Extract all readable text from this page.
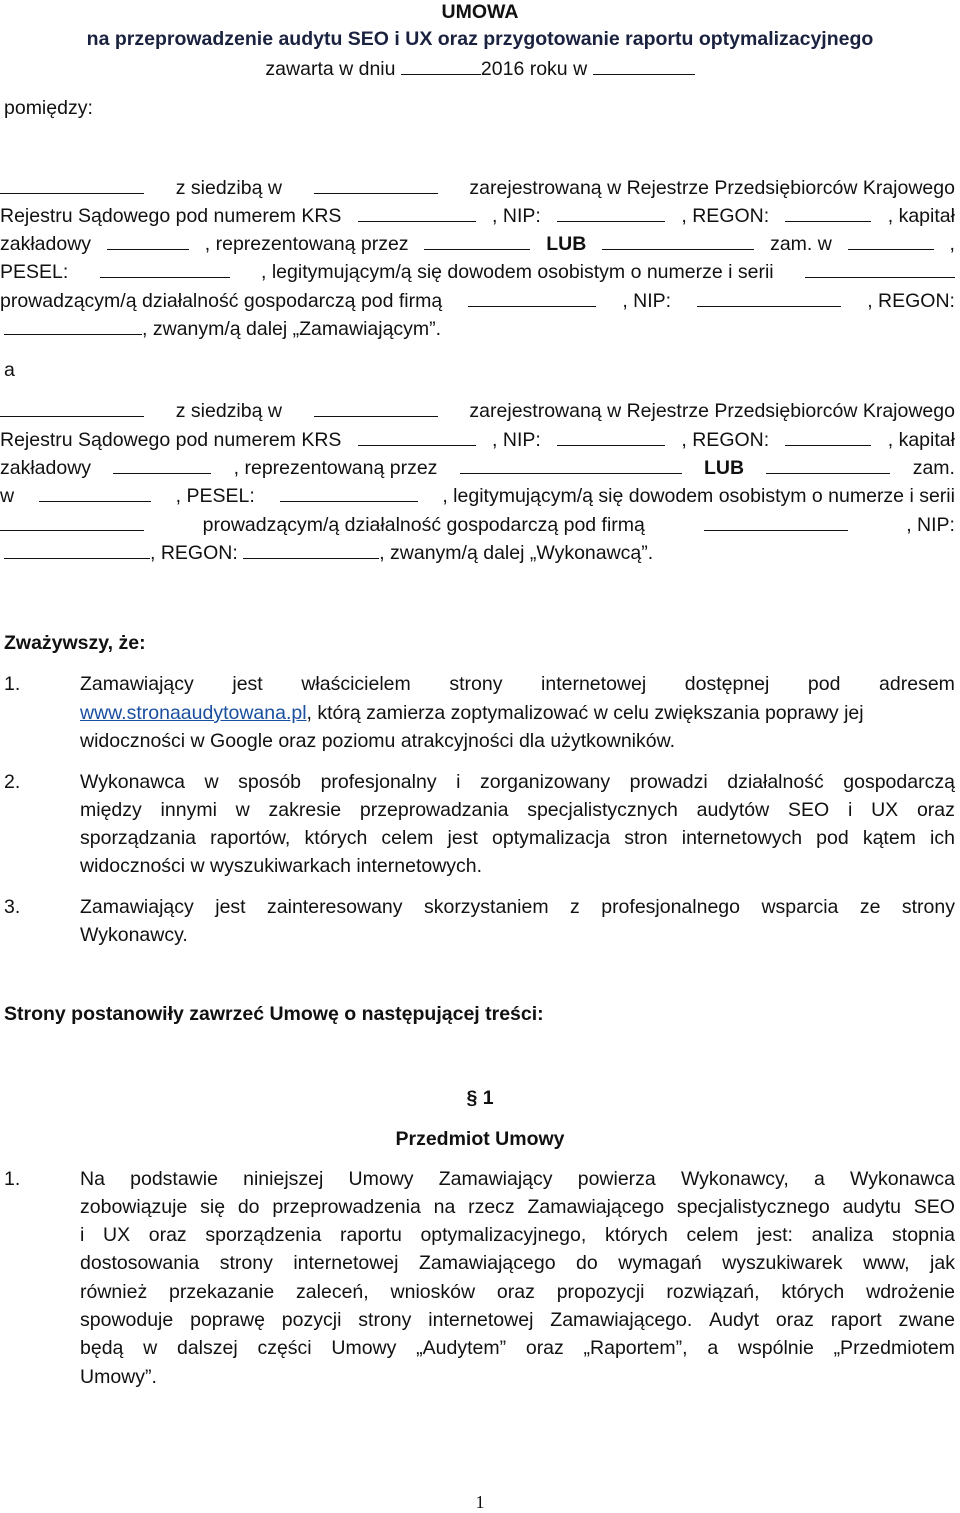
UMOWA
na przeprowadzenie audytu SEO i UX oraz przygotowanie raportu optymalizacyjnego
zawarta w dniu	2016 roku w
pomiędzy:
z siedzibą w	zarejestrowaną w Rejestrze Przedsiębiorców Krajowego
Rejestru Sądowego pod numerem KRS	, NIP:	, REGON:	, kapitał
zakładowy	, reprezentowaną przez	LUB	zam. w	,
PESEL:	, legitymującym/ą się dowodem osobistym o numerze i serii
prowadzącym/ą działalność gospodarczą pod firmą	, NIP:	, REGON:
, zwanym/ą dalej „Zamawiającym”.
a
z siedzibą w	zarejestrowaną w Rejestrze Przedsiębiorców Krajowego
Rejestru Sądowego pod numerem KRS	, NIP:	, REGON:	, kapitał
zakładowy	, reprezentowaną przez	LUB	zam.
w	, PESEL:	, legitymującym/ą się dowodem osobistym o numerze i serii
prowadzącym/ą działalność gospodarczą pod firmą	, NIP:
, REGON:	, zwanym/ą dalej „Wykonawcą”.
Zważywszy, że:
1.	Zamawiający jest właścicielem strony internetowej dostępnej pod adresem
www.stronaaudytowana.pl , którą zamierza zoptymalizować w celu zwiększania poprawy jej
widoczności w Google oraz poziomu atrakcyjności dla użytkowników.
2.	Wykonawca w sposób profesjonalny i zorganizowany prowadzi działalność gospodarczą
między innymi w zakresie przeprowadzania specjalistycznych audytów SEO i UX oraz
sporządzania raportów, których celem jest optymalizacja stron internetowych pod kątem ich
widoczności w wyszukiwarkach internetowych.
3.	Zamawiający jest zainteresowany skorzystaniem z profesjonalnego wsparcia ze strony
Wykonawcy.
Strony postanowiły zawrzeć Umowę o następującej treści:
§ 1
Przedmiot Umowy
1.	Na podstawie niniejszej Umowy Zamawiający powierza Wykonawcy, a Wykonawca
zobowiązuje się do przeprowadzenia na rzecz Zamawiającego specjalistycznego audytu SEO
i UX oraz sporządzenia raportu optymalizacyjnego, których celem jest: analiza stopnia
dostosowania strony internetowej Zamawiającego do wymagań wyszukiwarek www, jak
również przekazanie zaleceń, wniosków oraz propozycji rozwiązań, których wdrożenie
spowoduje poprawę pozycji strony internetowej Zamawiającego. Audyt oraz raport zwane
będą w dalszej części Umowy „Audytem” oraz „Raportem”, a wspólnie „Przedmiotem
Umowy”.
1
